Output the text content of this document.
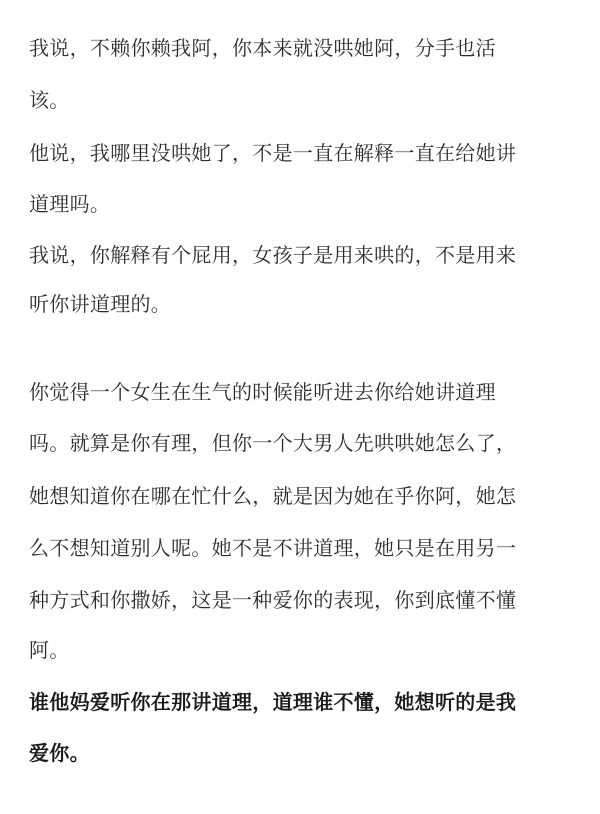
我说，不赖你赖我阿，你本来就没哄她阿，分手也活
该。
他说，我哪里没哄她了，不是一直在解释一直在给她讲
道理吗。
我说，你解释有个屁用，女孩子是用来哄的，不是用来
听你讲道理的。
你觉得一个女生在生气的时候能听进去你给她讲道理
吗。就算是你有理，但你一个大男人先哄哄她怎么了，
她想知道你在哪在忙什么，就是因为她在乎你阿，她怎
么不想知道别人呢。她不是不讲道理，她只是在用另一
种方式和你撒娇，这是一种爱你的表现，你到底懂不懂
阿。
谁他妈爱听你在那讲道理，道理谁不懂，她想听的是我
爱你。
